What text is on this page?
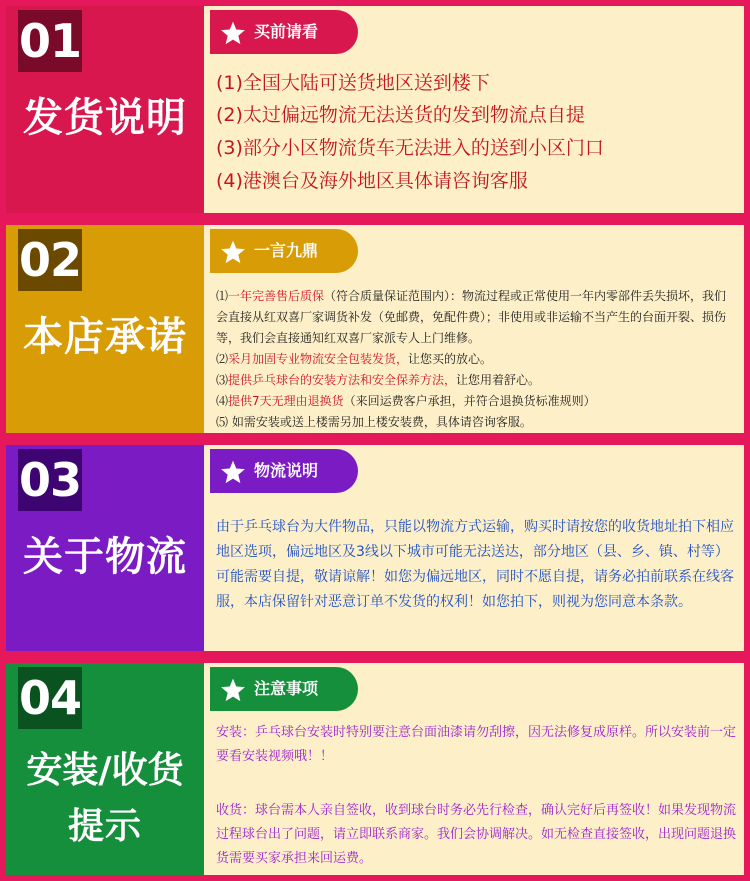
01
发货说明
买前请看
(1)全国大陆可送货地区送到楼下
(2)太过偏远物流无法送货的发到物流点自提
(3)部分小区物流货车无法进入的送到小区门口
(4)港澳台及海外地区具体请咨询客服
02
本店承诺
一言九鼎
⑴一年完善售后质保（符合质量保证范围内）：物流过程或正常使用一年内零部件丢失损坏，我们
会直接从红双喜厂家调货补发（免邮费，免配件费）；非使用或非运输不当产生的台面开裂、损伤
等，我们会直接通知红双喜厂家派专人上门维修。
⑵采月加固专业物流安全包装发货，让您买的放心。
⑶提供乒乓球台的安装方法和安全保养方法，让您用着舒心。
⑷提供7天无理由退换货（来回运费客户承担，并符合退换货标准规则）
⑸ 如需安装或送上楼需另加上楼安装费，具体请咨询客服。
03
关于物流
物流说明
由于乒乓球台为大件物品，只能以物流方式运输，购买时请按您的收货地址拍下相应地区选项，偏远地区及3线以下城市可能无法送达，部分地区（县、乡、镇、村等）可能需要自提，敬请谅解！如您为偏远地区，同时不愿自提，请务必拍前联系在线客服，本店保留针对恶意订单不发货的权利！如您拍下，则视为您同意本条款。
04
安装/收货
提示
注意事项
安装：乒乓球台安装时特别要注意台面油漆请勿刮擦，因无法修复成原样。所以安装前一定要看安装视频哦！！
收货：球台需本人亲自签收，收到球台时务必先行检查，确认完好后再签收！如果发现物流过程球台出了问题，请立即联系商家。我们会协调解决。如无检查直接签收，出现问题退换货需要买家承担来回运费。
